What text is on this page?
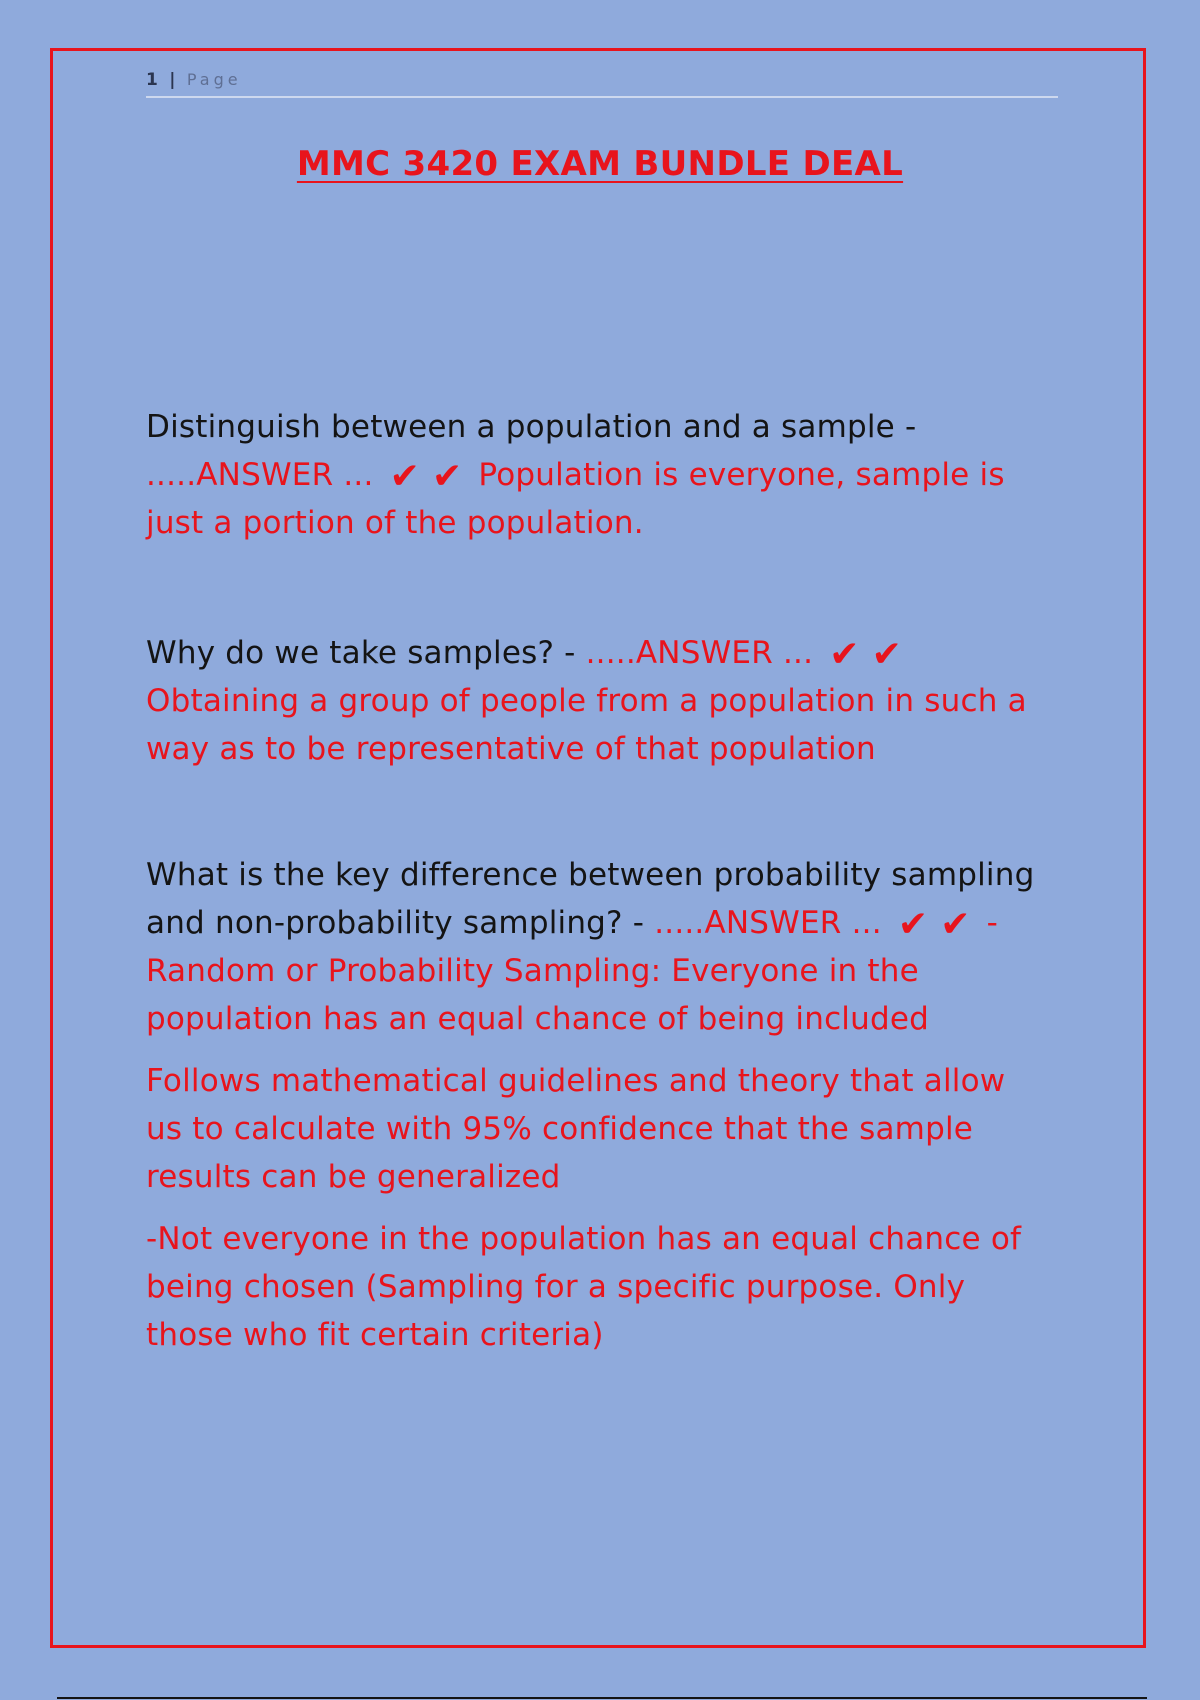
1 | Page
MMC 3420 EXAM BUNDLE DEAL

Distinguish between a population and a sample -
.....ANSWER ... ✔ ✔ Population is everyone, sample is just a portion of the population.

Why do we take samples? - .....ANSWER ... ✔ ✔ Obtaining a group of people from a population in such a way as to be representative of that population

What is the key difference between probability sampling and non-probability sampling? - .....ANSWER ... ✔ ✔ -Random or Probability Sampling: Everyone in the population has an equal chance of being included

Follows mathematical guidelines and theory that allow us to calculate with 95% confidence that the sample results can be generalized

-Not everyone in the population has an equal chance of being chosen (Sampling for a specific purpose. Only those who fit certain criteria)
